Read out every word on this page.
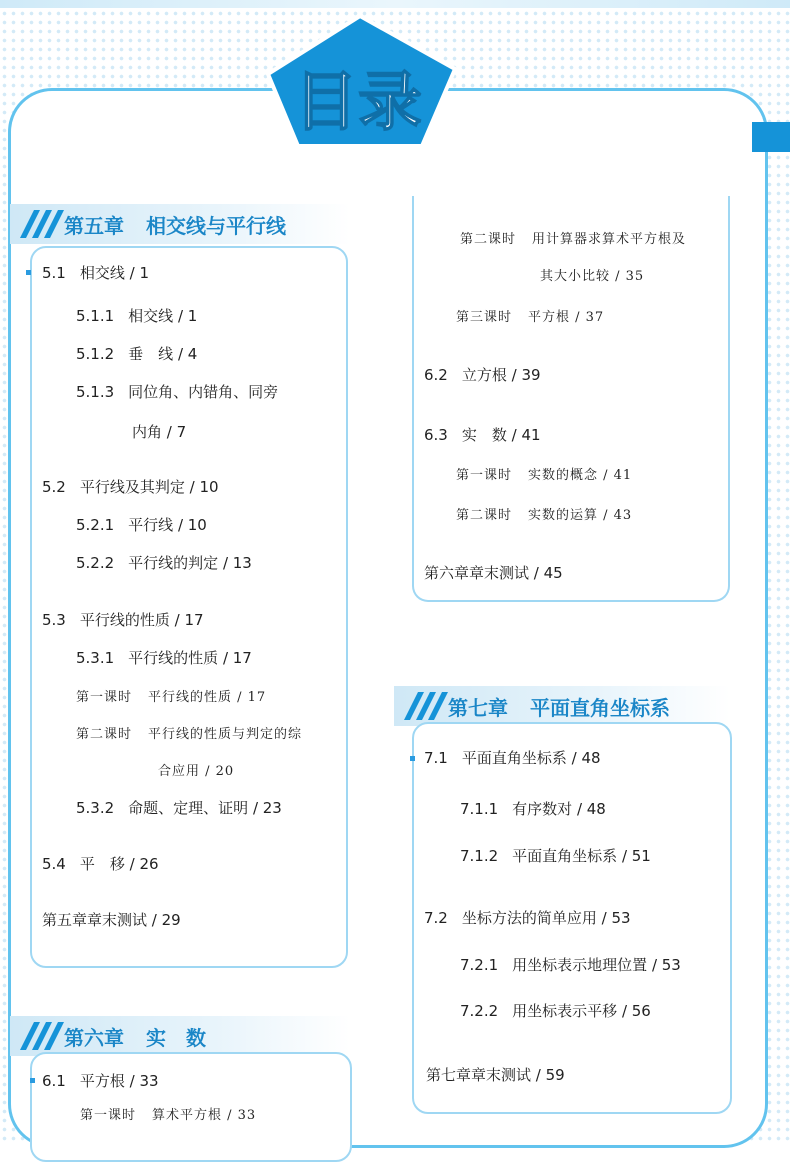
目录
第五章 相交线与平行线
5.1 相交线 / 1
5.1.1 相交线 / 1
5.1.2 垂　线 / 4
5.1.3 同位角、内错角、同旁
内角 / 7
5.2 平行线及其判定 / 10
5.2.1 平行线 / 10
5.2.2 平行线的判定 / 13
5.3 平行线的性质 / 17
5.3.1 平行线的性质 / 17
第一课时 平行线的性质 / 17
第二课时 平行线的性质与判定的综
合应用 / 20
5.3.2 命题、定理、证明 / 23
5.4 平　移 / 26
第五章章末测试 / 29
第六章 实　数
6.1 平方根 / 33
第一课时 算术平方根 / 33
第二课时 用计算器求算术平方根及
其大小比较 / 35
第三课时 平方根 / 37
6.2 立方根 / 39
6.3 实　数 / 41
第一课时 实数的概念 / 41
第二课时 实数的运算 / 43
第六章章末测试 / 45
第七章 平面直角坐标系
7.1 平面直角坐标系 / 48
7.1.1 有序数对 / 48
7.1.2 平面直角坐标系 / 51
7.2 坐标方法的简单应用 / 53
7.2.1 用坐标表示地理位置 / 53
7.2.2 用坐标表示平移 / 56
第七章章末测试 / 59
